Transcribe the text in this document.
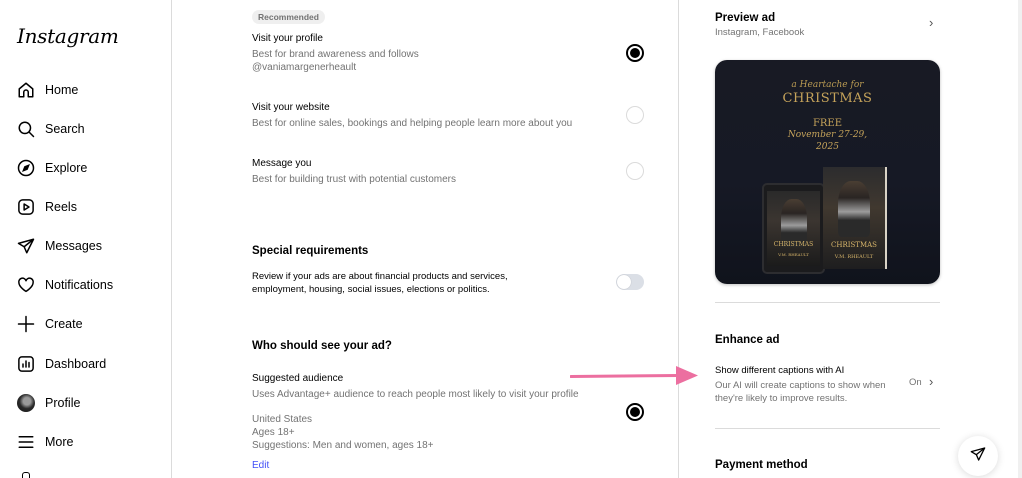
Instagram
Home
Search
Explore
Reels
Messages
Notifications
Create
Dashboard
Profile
More
Recommended
Visit your profile
Best for brand awareness and follows
@vaniamargenerheault
Visit your website
Best for online sales, bookings and helping people learn more about you
Message you
Best for building trust with potential customers
Special requirements
Review if your ads are about financial products and services, employment, housing, social issues, elections or politics.
Who should see your ad?
Suggested audience
Uses Advantage+ audience to reach people most likely to visit your profile
United States
Ages 18+
Suggestions: Men and women, ages 18+
Edit
Preview ad
Instagram, Facebook
›
a Heartache for
CHRISTMAS
FREE
November 27-29,
2025
CHRISTMAS
V.M. RHEAULT
CHRISTMAS
V.M. RHEAULT
Enhance ad
Show different captions with AI
Our AI will create captions to show when they're likely to improve results.
On ›
Payment method
